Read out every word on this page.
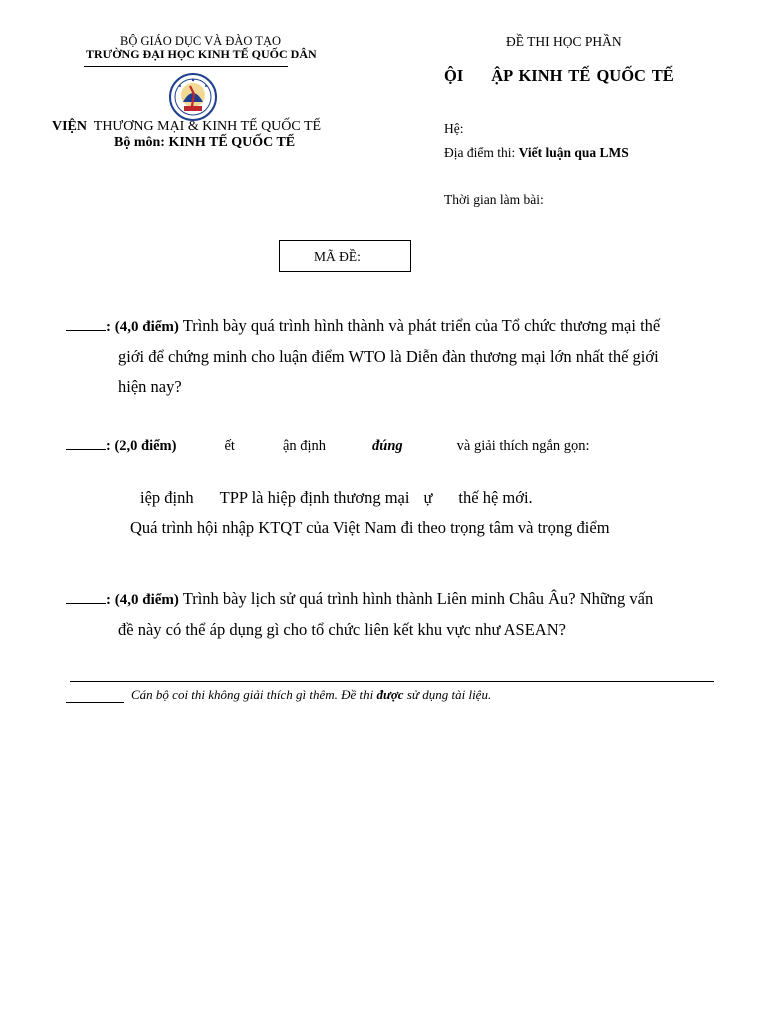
BỘ GIÁO DỤC VÀ ĐÀO TẠO
TRƯỜNG ĐẠI HỌC KINH TẾ QUỐC DÂN
VIỆN THƯƠNG MẠI & KINH TẾ QUỐC TẾ
Bộ môn: KINH TẾ QUỐC TẾ
ĐỀ THI HỌC PHẦN
ỘI ẬP KINH TẾ QUỐC TẾ
Hệ:
Địa điểm thi: Viết luận qua LMS
Thời gian làm bài:
MÃ ĐỀ:
: (4,0 điểm) Trình bày quá trình hình thành và phát triển của Tổ chức thương mại thế
giới để chứng minh cho luận điểm WTO là Diễn đàn thương mại lớn nhất thế giới
hiện nay?
: (2,0 điểm)	ết	ận định	đúng	và giải thích ngắn gọn:
iệp định TPP là hiệp định thương mại ự thế hệ mới.
Quá trình hội nhập KTQT của Việt Nam đi theo trọng tâm và trọng điểm
: (4,0 điểm) Trình bày lịch sử quá trình hình thành Liên minh Châu Âu? Những vấn
đề này có thể áp dụng gì cho tổ chức liên kết khu vực như ASEAN?
Cán bộ coi thi không giải thích gì thêm. Đề thi được sử dụng tài liệu.
